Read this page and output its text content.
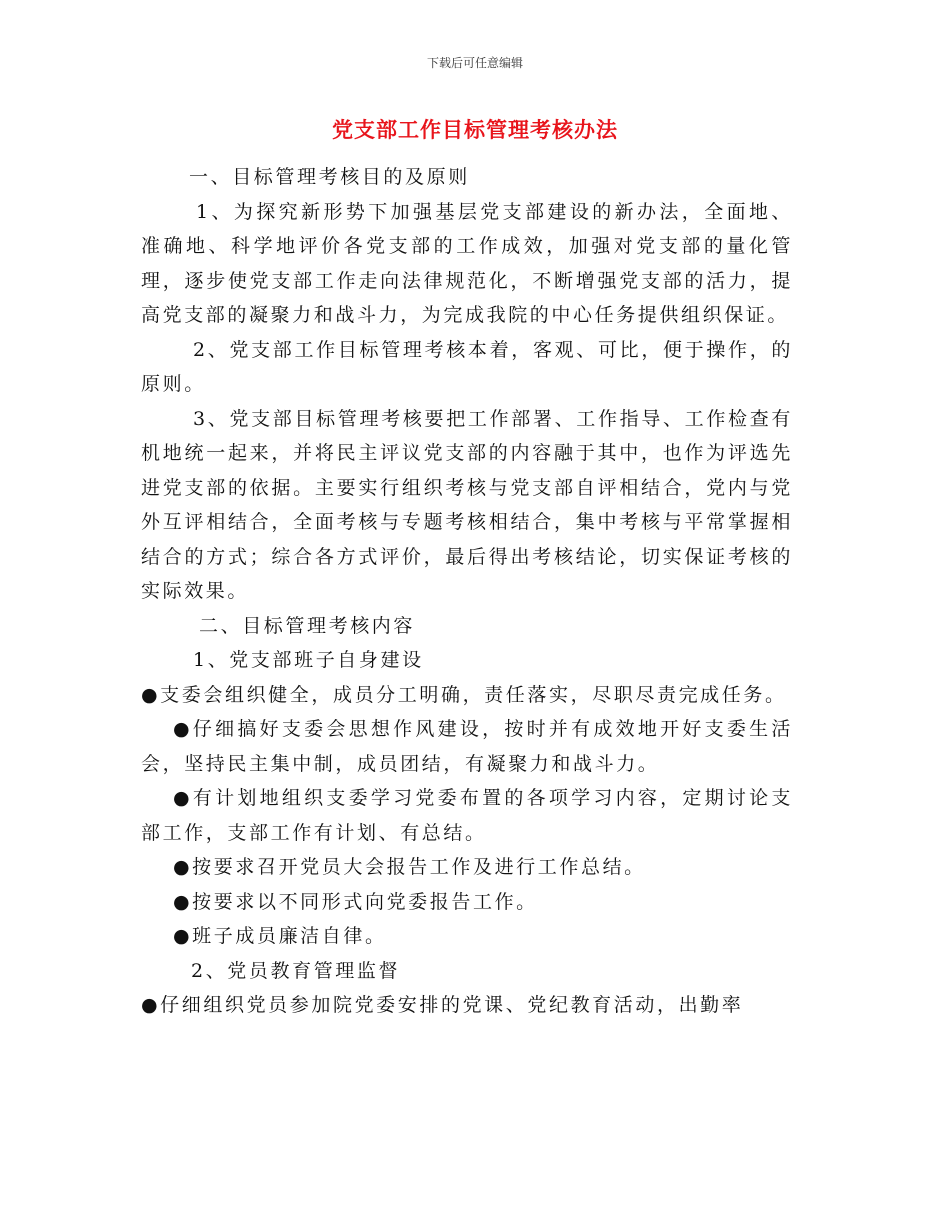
下载后可任意编辑
党支部工作目标管理考核办法

一、目标管理考核目的及原则

1、为探究新形势下加强基层党支部建设的新办法，全面地、准确地、科学地评价各党支部的工作成效，加强对党支部的量化管理，逐步使党支部工作走向法律规范化，不断增强党支部的活力，提高党支部的凝聚力和战斗力，为完成我院的中心任务提供组织保证。

2、党支部工作目标管理考核本着，客观、可比，便于操作，的原则。

3、党支部目标管理考核要把工作部署、工作指导、工作检查有机地统一起来，并将民主评议党支部的内容融于其中，也作为评选先进党支部的依据。主要实行组织考核与党支部自评相结合，党内与党外互评相结合，全面考核与专题考核相结合，集中考核与平常掌握相结合的方式；综合各方式评价，最后得出考核结论，切实保证考核的实际效果。

二、目标管理考核内容

1、党支部班子自身建设

●支委会组织健全，成员分工明确，责任落实，尽职尽责完成任务。

●仔细搞好支委会思想作风建设，按时并有成效地开好支委生活会，坚持民主集中制，成员团结，有凝聚力和战斗力。

●有计划地组织支委学习党委布置的各项学习内容，定期讨论支部工作，支部工作有计划、有总结。

●按要求召开党员大会报告工作及进行工作总结。

●按要求以不同形式向党委报告工作。

●班子成员廉洁自律。

2、党员教育管理监督

●仔细组织党员参加院党委安排的党课、党纪教育活动，出勤率
